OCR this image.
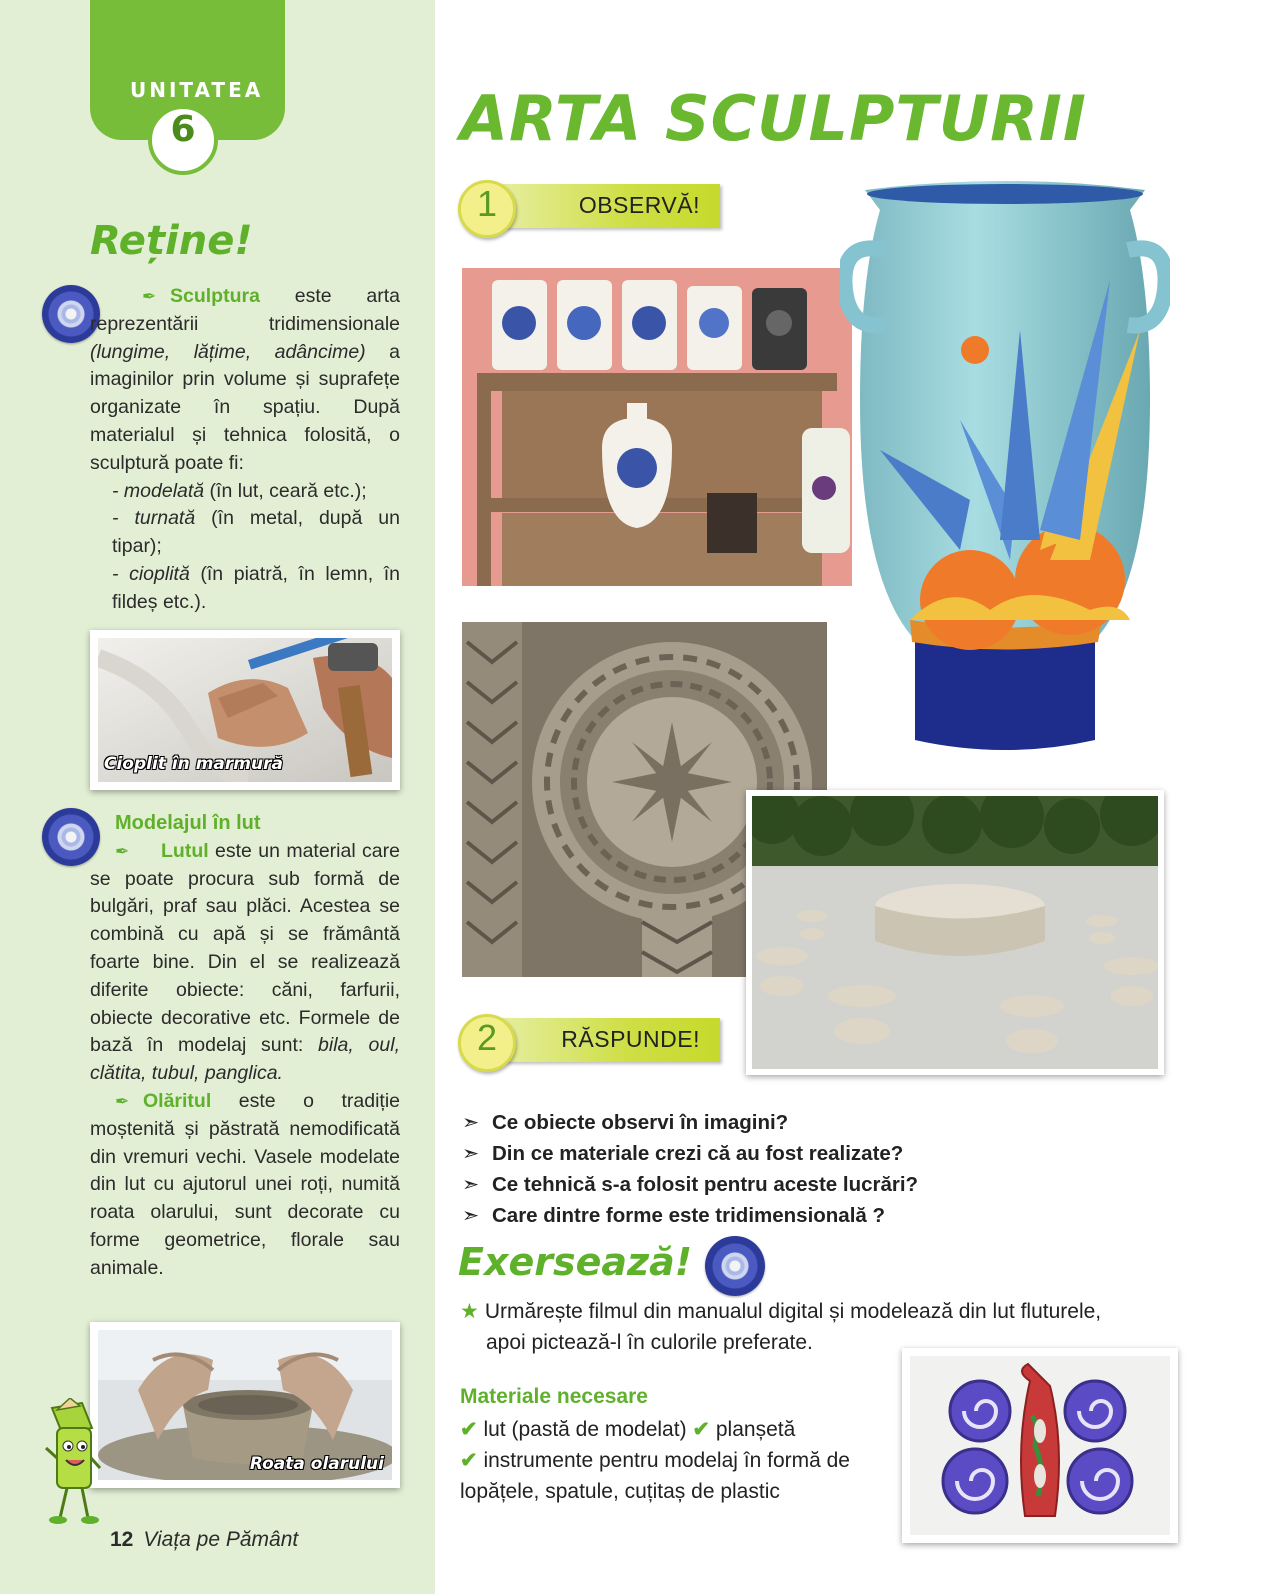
UNITATEA
6
Reține!

✒ Sculptura este arta reprezentării tridimensionale (lungime, lățime, adâncime) a imaginilor prin volume și suprafețe organizate în spațiu. După materialul și tehnica folosită, o sculptură poate fi:

- modelată (în lut, ceară etc.);

- turnată (în metal, după un tipar);

- cioplită (în piatră, în lemn, în fildeș etc.).

Cioplit în marmură

Modelajul în lut

✒ Lutul este un material care se poate procura sub formă de bulgări, praf sau plăci. Acestea se combină cu apă și se frământă foarte bine. Din el se realizează diferite obiecte: căni, farfurii, obiecte decorative etc. Formele de bază în modelaj sunt: bila, oul, clătita, tubul, panglica.

✒ Olăritul este o tradiție moștenită și păstrată nemodificată din vremuri vechi. Vasele modelate din lut cu ajutorul unei roți, numită roata olarului, sunt decorate cu forme geometrice, florale sau animale.

Roata olarului
12 Viața pe Pământ
ARTA SCULPTURII
1	OBSERVĂ!
2	RĂSPUNDE!
➣ Ce obiecte observi în imagini?
➣ Din ce materiale crezi că au fost realizate?
➣ Ce tehnică s-a folosit pentru aceste lucrări?
➣ Care dintre forme este tridimensională ?
Exersează!
★ Urmărește filmul din manualul digital și modelează din lut fluturele,
apoi pictează-l în culorile preferate.
Materiale necesare
✔ lut (pastă de modelat) ✔ planșetă
✔ instrumente pentru modelaj în formă de lopățele, spatule, cuțitaș de plastic
